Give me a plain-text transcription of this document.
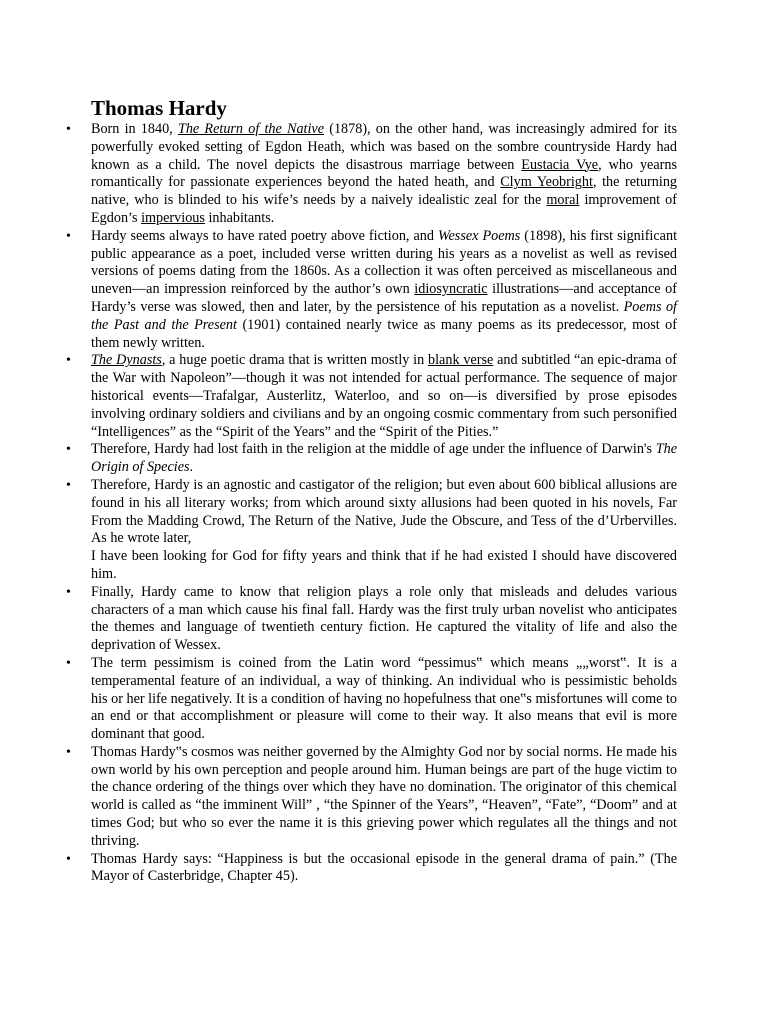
Thomas Hardy
• Born in 1840, The Return of the Native (1878), on the other hand, was increasingly admired for its powerfully evoked setting of Egdon Heath, which was based on the sombre countryside Hardy had known as a child. The novel depicts the disastrous marriage between Eustacia Vye, who yearns romantically for passionate experiences beyond the hated heath, and Clym Yeobright, the returning native, who is blinded to his wife’s needs by a naively idealistic zeal for the moral improvement of Egdon’s impervious inhabitants.
• Hardy seems always to have rated poetry above fiction, and Wessex Poems (1898), his first significant public appearance as a poet, included verse written during his years as a novelist as well as revised versions of poems dating from the 1860s. As a collection it was often perceived as miscellaneous and uneven—an impression reinforced by the author’s own idiosyncratic illustrations—and acceptance of Hardy’s verse was slowed, then and later, by the persistence of his reputation as a novelist. Poems of the Past and the Present (1901) contained nearly twice as many poems as its predecessor, most of them newly written.
• The Dynasts, a huge poetic drama that is written mostly in blank verse and subtitled “an epic-drama of the War with Napoleon”—though it was not intended for actual performance. The sequence of major historical events—Trafalgar, Austerlitz, Waterloo, and so on—is diversified by prose episodes involving ordinary soldiers and civilians and by an ongoing cosmic commentary from such personified “Intelligences” as the “Spirit of the Years” and the “Spirit of the Pities.”
• Therefore, Hardy had lost faith in the religion at the middle of age under the influence of Darwin's The Origin of Species.
• Therefore, Hardy is an agnostic and castigator of the religion; but even about 600 biblical allusions are found in his all literary works; from which around sixty allusions had been quoted in his novels, Far From the Madding Crowd, The Return of the Native, Jude the Obscure, and Tess of the d’Urbervilles. As he wrote later,
I have been looking for God for fifty years and think that if he had existed I should have discovered him.
• Finally, Hardy came to know that religion plays a role only that misleads and deludes various characters of a man which cause his final fall. Hardy was the first truly urban novelist who anticipates the themes and language of twentieth century fiction. He captured the vitality of life and also the deprivation of Wessex.
• The term pessimism is coined from the Latin word “pessimus‟ which means „„worst‟. It is a temperamental feature of an individual, a way of thinking. An individual who is pessimistic beholds his or her life negatively. It is a condition of having no hopefulness that one‟s misfortunes will come to an end or that accomplishment or pleasure will come to their way. It also means that evil is more dominant that good.
• Thomas Hardy‟s cosmos was neither governed by the Almighty God nor by social norms. He made his own world by his own perception and people around him. Human beings are part of the huge victim to the chance ordering of the things over which they have no domination. The originator of this chemical world is called as “the imminent Will” , “the Spinner of the Years”, “Heaven”, “Fate”, “Doom” and at times God; but who so ever the name it is this grieving power which regulates all the things and not thriving.
• Thomas Hardy says: “Happiness is but the occasional episode in the general drama of pain.” (The Mayor of Casterbridge, Chapter 45).
